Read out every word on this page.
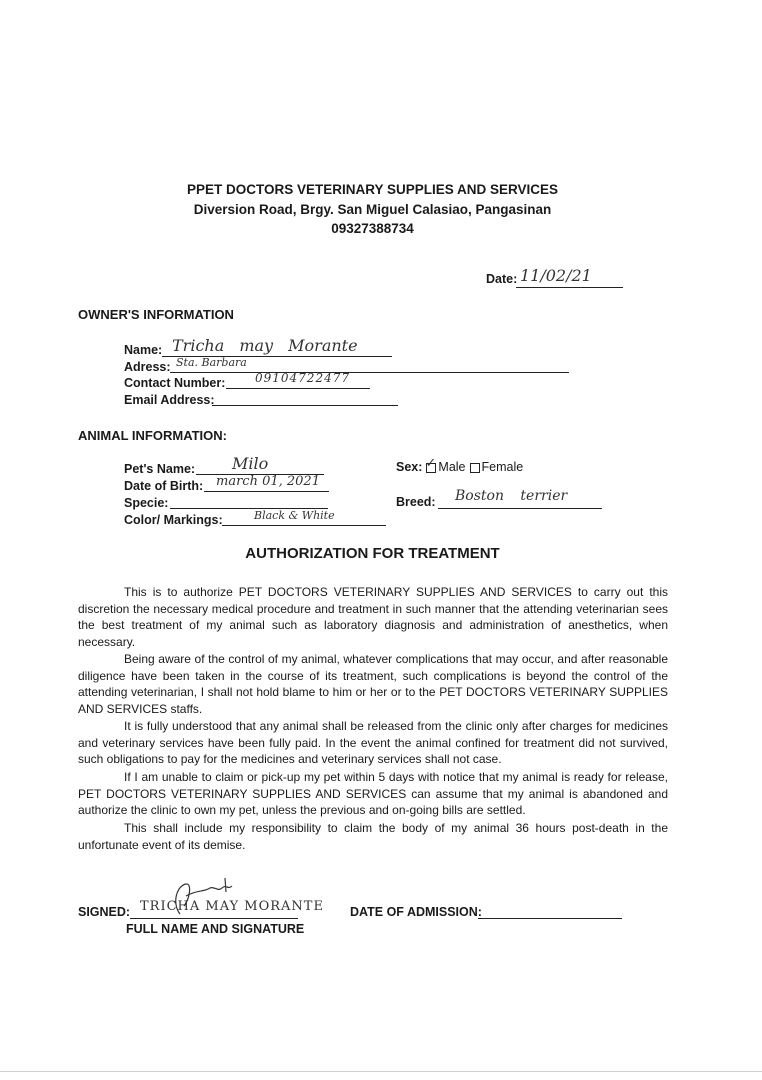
PPET DOCTORS VETERINARY SUPPLIES AND SERVICES
Diversion Road, Brgy. San Miguel Calasiao, Pangasinan
09327388734
Date: 11/02/21
OWNER'S INFORMATION
Name: Tricha may Morante
Adress: Sta. Barbara
Contact Number: 09104722477
Email Address:
ANIMAL INFORMATION:
Pet's Name: Milo
Date of Birth: march 01, 2021
Specie:
Color/ Markings:	Black & White
Sex: ✓ Male Female
Breed: Boston terrier
AUTHORIZATION FOR TREATMENT

This is to authorize PET DOCTORS VETERINARY SUPPLIES AND SERVICES to carry out this discretion the necessary medical procedure and treatment in such manner that the attending veterinarian sees the best treatment of my animal such as laboratory diagnosis and administration of anesthetics, when necessary.

Being aware of the control of my animal, whatever complications that may occur, and after reasonable diligence have been taken in the course of its treatment, such complications is beyond the control of the attending veterinarian, I shall not hold blame to him or her or to the PET DOCTORS VETERINARY SUPPLIES AND SERVICES staffs.

It is fully understood that any animal shall be released from the clinic only after charges for medicines and veterinary services have been fully paid. In the event the animal confined for treatment did not survived, such obligations to pay for the medicines and veterinary services shall not case.

If I am unable to claim or pick-up my pet within 5 days with notice that my animal is ready for release, PET DOCTORS VETERINARY SUPPLIES AND SERVICES can assume that my animal is abandoned and authorize the clinic to own my pet, unless the previous and on-going bills are settled.

This shall include my responsibility to claim the body of my animal 36 hours post-death in the unfortunate event of its demise.

SIGNED: TRICHA MAY MORANTE
FULL NAME AND SIGNATURE
DATE OF ADMISSION:
